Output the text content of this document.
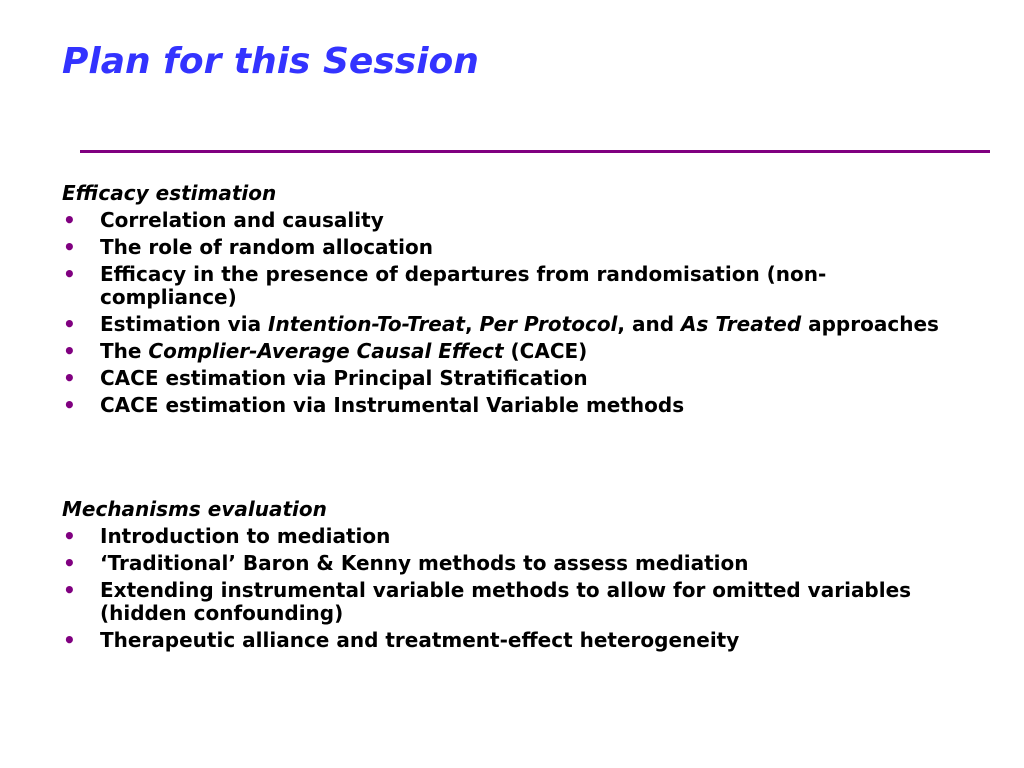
Plan for this Session
Efficacy estimation
• Correlation and causality
• The role of random allocation
• Efficacy in the presence of departures from randomisation (non-compliance)
• Estimation via Intention-To-Treat, Per Protocol, and As Treated approaches
• The Complier-Average Causal Effect (CACE)
• CACE estimation via Principal Stratification
• CACE estimation via Instrumental Variable methods
Mechanisms evaluation
• Introduction to mediation
• ‘Traditional’ Baron & Kenny methods to assess mediation
• Extending instrumental variable methods to allow for omitted variables (hidden confounding)
• Therapeutic alliance and treatment-effect heterogeneity
